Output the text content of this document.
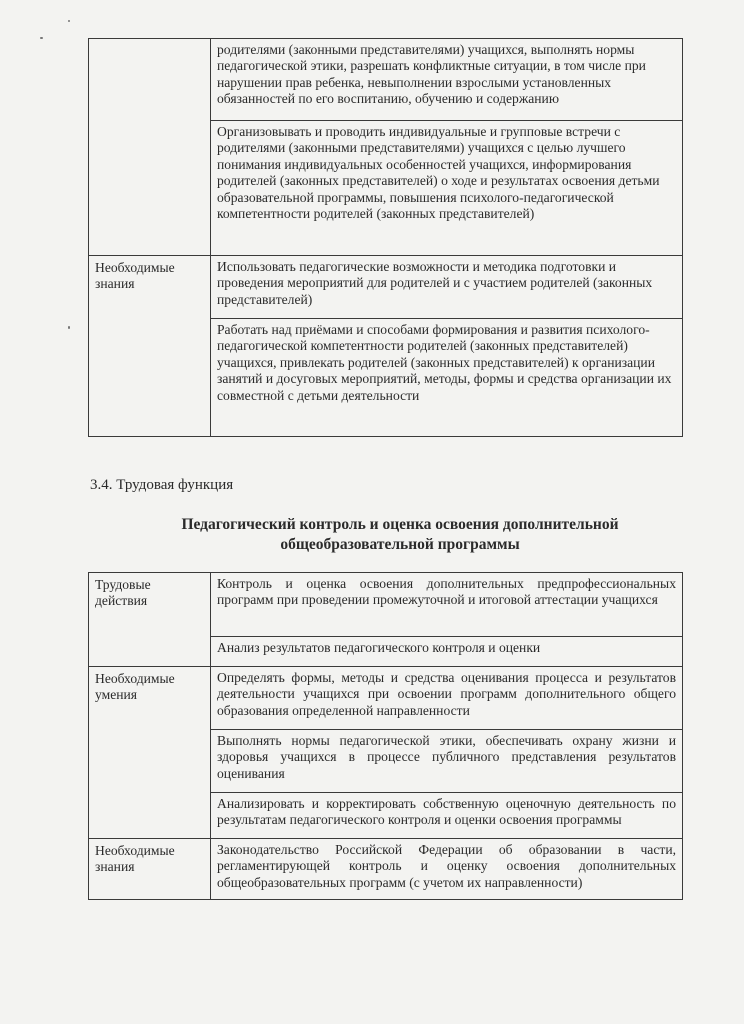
	родителями (законными представителями) учащихся, выполнять нормы педагогической этики, разрешать конфликтные ситуации, в том числе при нарушении прав ребенка, невыполнении взрослыми установленных обязанностей по его воспитанию, обучению и содержанию
	Организовывать и проводить индивидуальные и групповые встречи с родителями (законными представителями) учащихся с целью лучшего понимания индивидуальных особенностей учащихся, информирования родителей (законных представителей) о ходе и результатах освоения детьми образовательной программы, повышения психолого-педагогической компетентности родителей (законных представителей)
Необходимые знания	Использовать педагогические возможности и методика подготовки и проведения мероприятий для родителей и с участием родителей (законных представителей)
	Работать над приёмами и способами формирования и развития психолого-педагогической компетентности родителей (законных представителей) учащихся, привлекать родителей (законных представителей) к организации занятий и досуговых мероприятий, методы, формы и средства организации их совместной с детьми деятельности
3.4. Трудовая функция
Педагогический контроль и оценка освоения дополнительной
общеобразовательной программы
Трудовые действия	Контроль и оценка освоения дополнительных предпрофессиональных программ при проведении промежуточной и итоговой аттестации учащихся
	Анализ результатов педагогического контроля и оценки
Необходимые умения	Определять формы, методы и средства оценивания процесса и результатов деятельности учащихся при освоении программ дополнительного общего образования определенной направленности
	Выполнять нормы педагогической этики, обеспечивать охрану жизни и здоровья учащихся в процессе публичного представления результатов оценивания
	Анализировать и корректировать собственную оценочную деятельность по результатам педагогического контроля и оценки освоения программы
Необходимые знания	Законодательство Российской Федерации об образовании в части, регламентирующей контроль и оценку освоения дополнительных общеобразовательных программ (с учетом их направленности)
